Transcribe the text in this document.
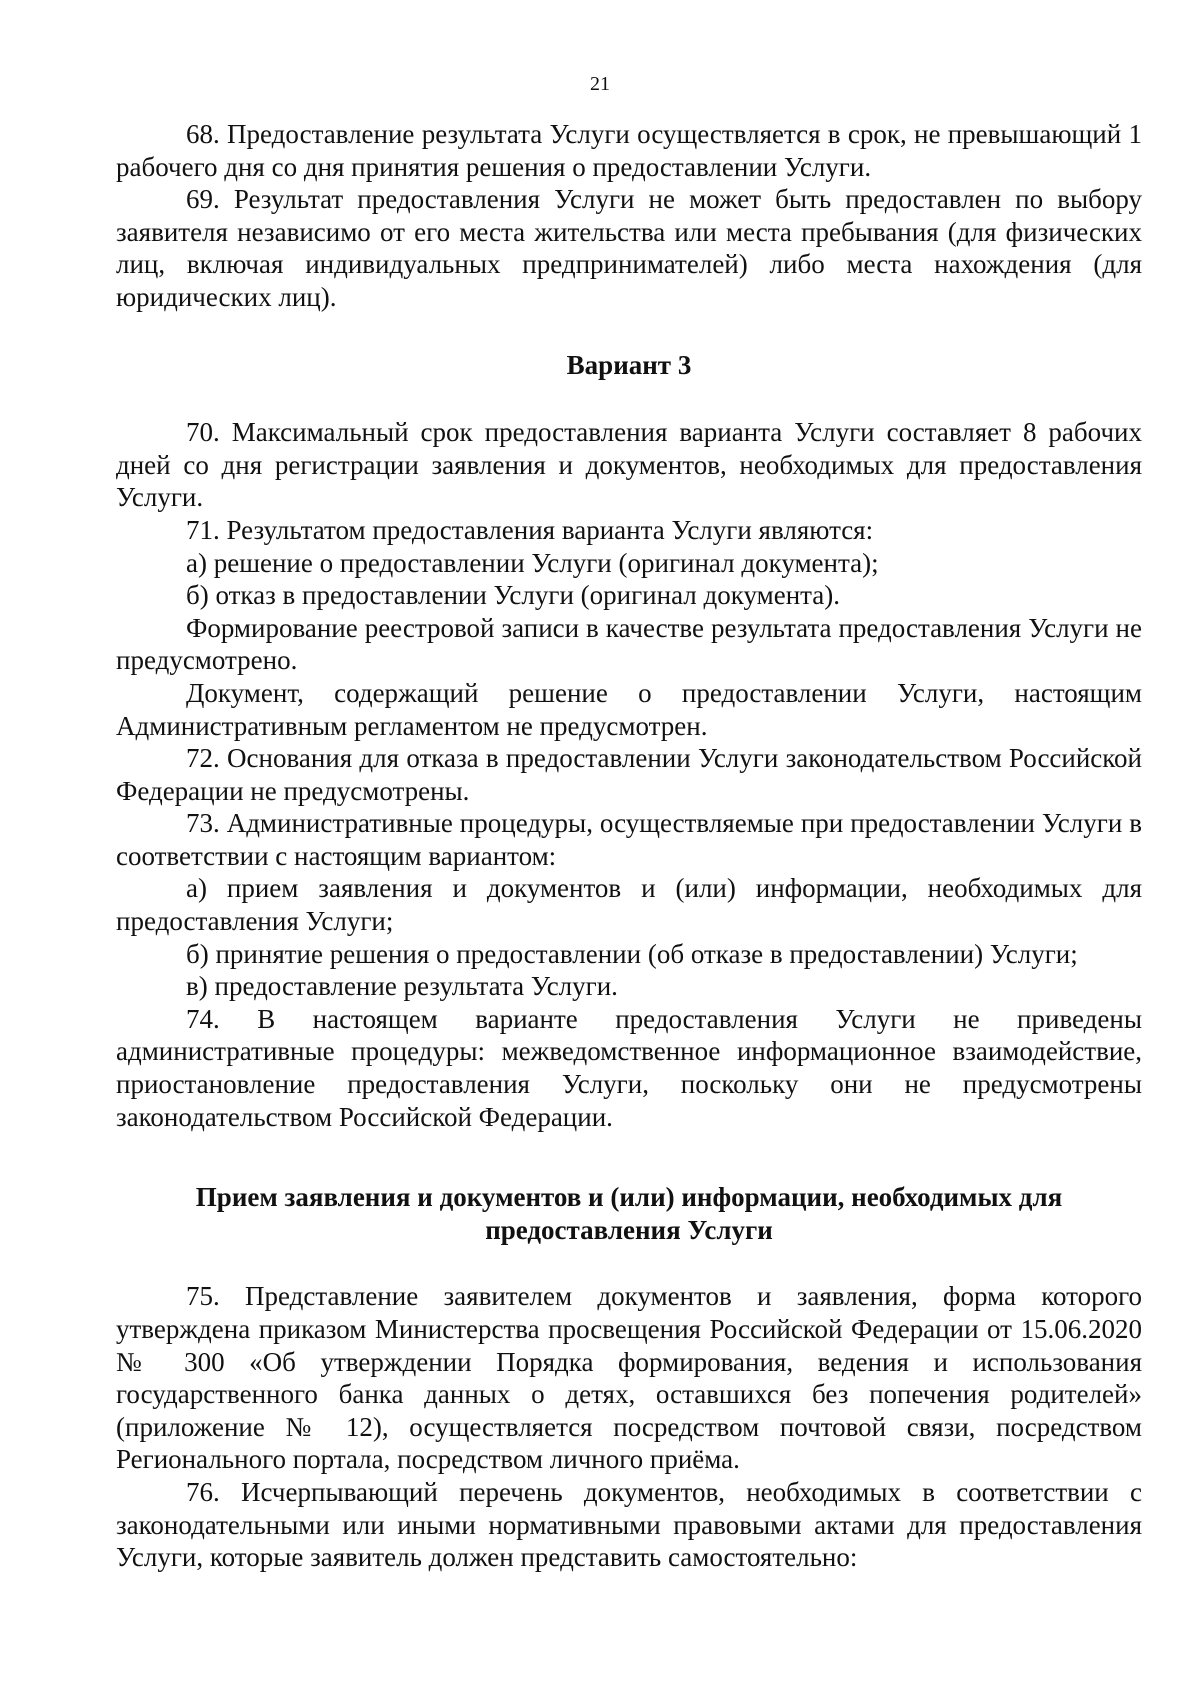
21

68. Предоставление результата Услуги осуществляется в срок, не превышающий 1 рабочего дня со дня принятия решения о предоставлении Услуги.

69. Результат предоставления Услуги не может быть предоставлен по выбору заявителя независимо от его места жительства или места пребывания (для физических лиц, включая индивидуальных предпринимателей) либо места нахождения (для юридических лиц).

Вариант 3

70. Максимальный срок предоставления варианта Услуги составляет 8 рабочих дней со дня регистрации заявления и документов, необходимых для предоставления Услуги.

71. Результатом предоставления варианта Услуги являются:

а) решение о предоставлении Услуги (оригинал документа);

б) отказ в предоставлении Услуги (оригинал документа).

Формирование реестровой записи в качестве результата предоставления Услуги не предусмотрено.

Документ, содержащий решение о предоставлении Услуги, настоящим Административным регламентом не предусмотрен.

72. Основания для отказа в предоставлении Услуги законодательством Российской Федерации не предусмотрены.

73. Административные процедуры, осуществляемые при предоставлении Услуги в соответствии с настоящим вариантом:

а) прием заявления и документов и (или) информации, необходимых для предоставления Услуги;

б) принятие решения о предоставлении (об отказе в предоставлении) Услуги;

в) предоставление результата Услуги.

74. В настоящем варианте предоставления Услуги не приведены административные процедуры: межведомственное информационное взаимодействие, приостановление предоставления Услуги, поскольку они не предусмотрены законодательством Российской Федерации.

Прием заявления и документов и (или) информации, необходимых для предоставления Услуги

75. Представление заявителем документов и заявления, форма которого утверждена приказом Министерства просвещения Российской Федерации от 15.06.2020 № 300 «Об утверждении Порядка формирования, ведения и использования государственного банка данных о детях, оставшихся без попечения родителей» (приложение № 12), осуществляется посредством почтовой связи, посредством Регионального портала, посредством личного приёма.

76. Исчерпывающий перечень документов, необходимых в соответствии с законодательными или иными нормативными правовыми актами для предоставления Услуги, которые заявитель должен представить самостоятельно:
